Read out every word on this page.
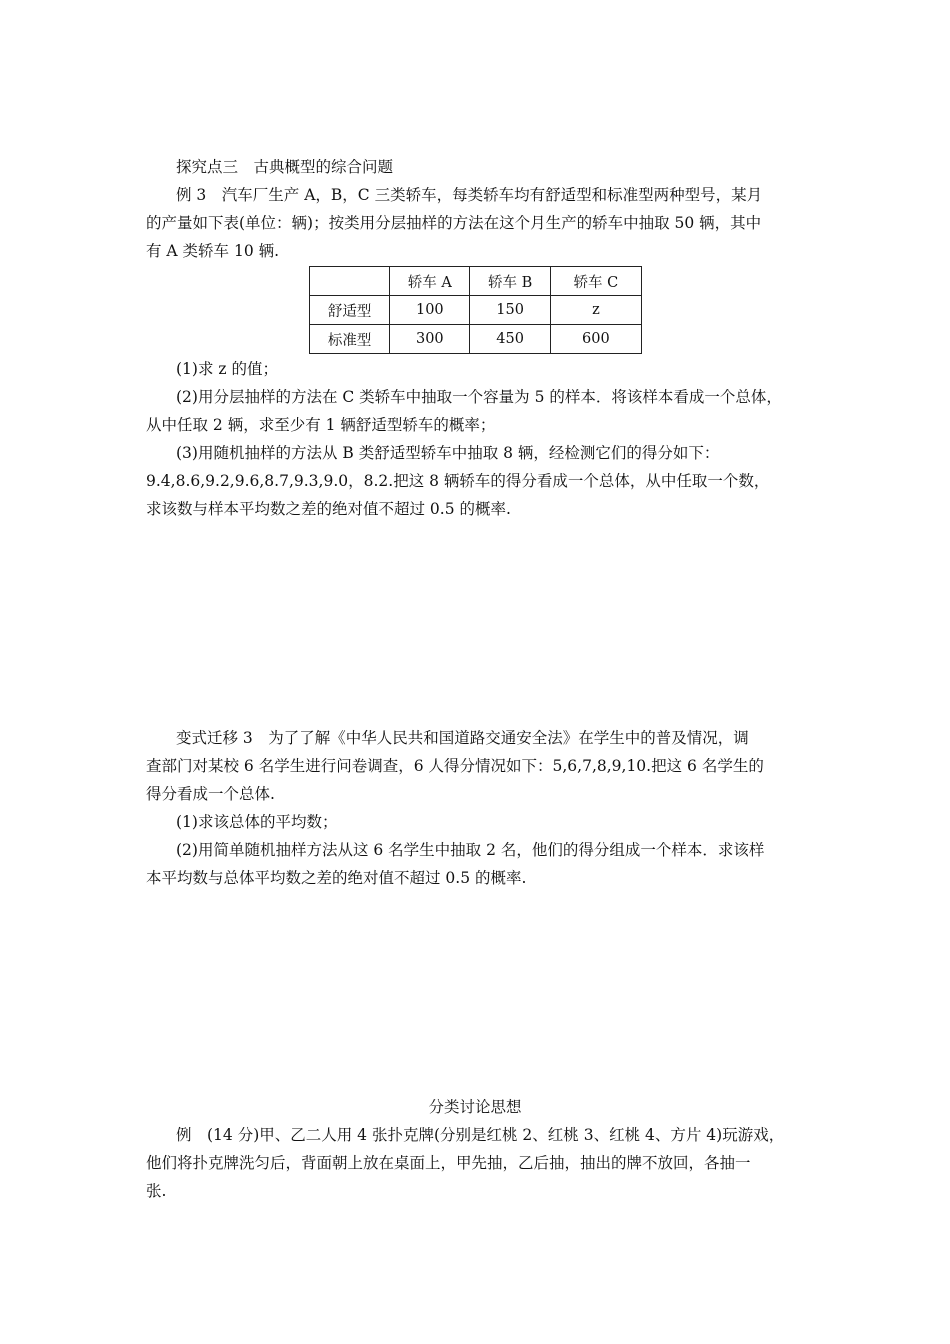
探究点三　古典概型的综合问题
例 3　汽车厂生产 A，B，C 三类轿车，每类轿车均有舒适型和标准型两种型号，某月
的产量如下表(单位：辆)；按类用分层抽样的方法在这个月生产的轿车中抽取 50 辆，其中
有 A 类轿车 10 辆.
	轿车 A	轿车 B	轿车 C
舒适型	100	150	z
标准型	300	450	600
(1)求 z 的值；
(2)用分层抽样的方法在 C 类轿车中抽取一个容量为 5 的样本．将该样本看成一个总体，
从中任取 2 辆，求至少有 1 辆舒适型轿车的概率；
(3)用随机抽样的方法从 B 类舒适型轿车中抽取 8 辆，经检测它们的得分如下：
9.4,8.6,9.2,9.6,8.7,9.3,9.0，8.2.把这 8 辆轿车的得分看成一个总体，从中任取一个数，
求该数与样本平均数之差的绝对值不超过 0.5 的概率.
变式迁移 3　为了了解《中华人民共和国道路交通安全法》在学生中的普及情况，调
查部门对某校 6 名学生进行问卷调查，6 人得分情况如下：5,6,7,8,9,10.把这 6 名学生的
得分看成一个总体.
(1)求该总体的平均数；
(2)用简单随机抽样方法从这 6 名学生中抽取 2 名，他们的得分组成一个样本．求该样
本平均数与总体平均数之差的绝对值不超过 0.5 的概率.
分类讨论思想
例　(14 分)甲、乙二人用 4 张扑克牌(分别是红桃 2、红桃 3、红桃 4、方片 4)玩游戏，
他们将扑克牌洗匀后，背面朝上放在桌面上，甲先抽，乙后抽，抽出的牌不放回，各抽一
张.
